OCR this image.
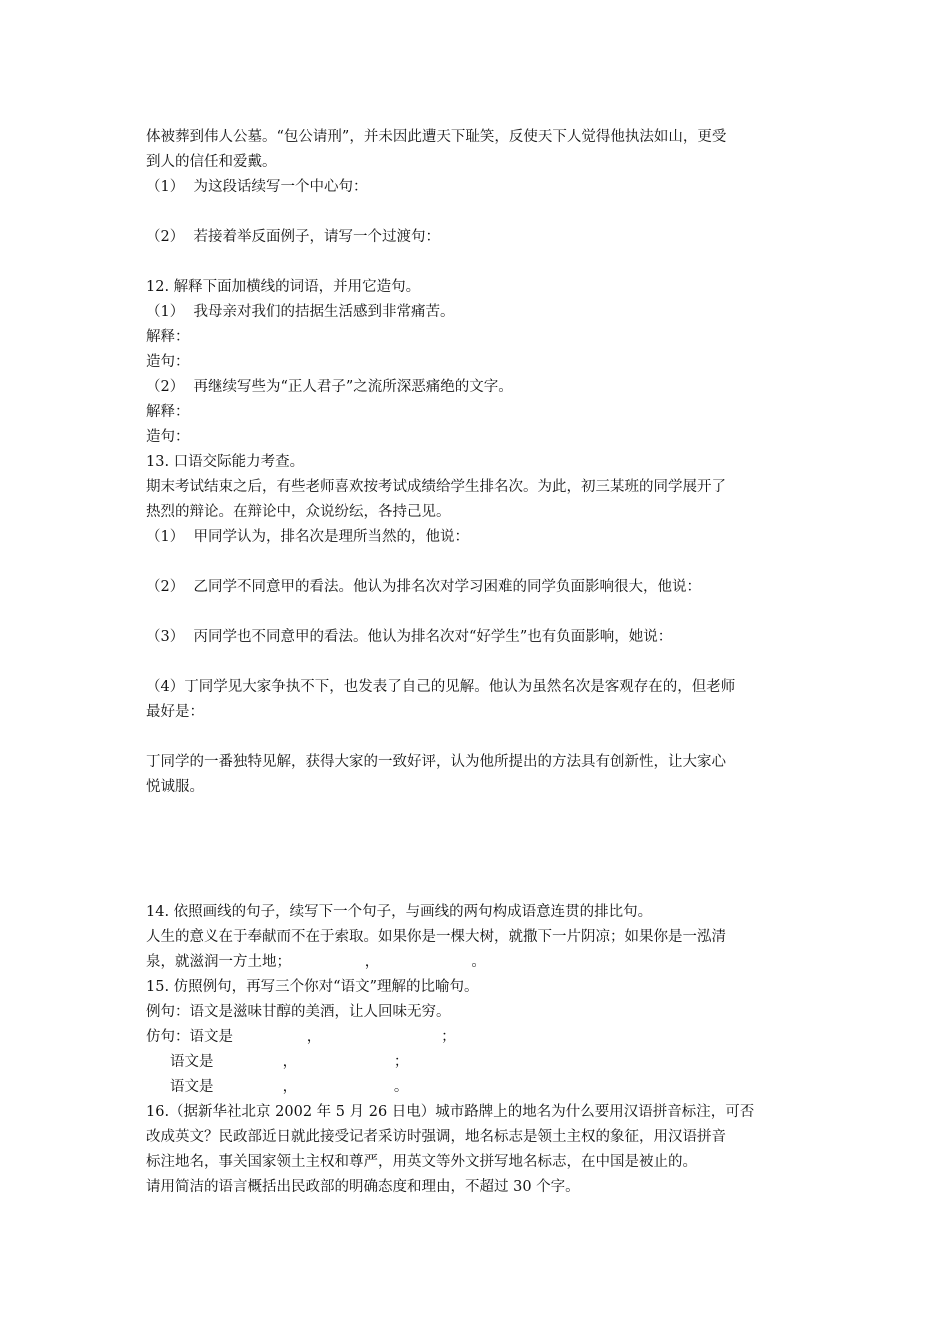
体被葬到伟人公墓。“包公请刑”，并未因此遭天下耻笑，反使天下人觉得他执法如山，更受
到人的信任和爱戴。
（1）  为这段话续写一个中心句：
（2）  若接着举反面例子，请写一个过渡句：
12. 解释下面加横线的词语，并用它造句。
（1）  我母亲对我们的拮据生活感到非常痛苦。
解释：
造句：
（2）  再继续写些为“正人君子”之流所深恶痛绝的文字。
解释：
造句：
13. 口语交际能力考查。
期末考试结束之后，有些老师喜欢按考试成绩给学生排名次。为此，初三某班的同学展开了
热烈的辩论。在辩论中，众说纷纭，各持己见。
（1）  甲同学认为，排名次是理所当然的，他说：
（2）  乙同学不同意甲的看法。他认为排名次对学习困难的同学负面影响很大，他说：
（3）  丙同学也不同意甲的看法。他认为排名次对“好学生”也有负面影响，她说：
（4）丁同学见大家争执不下，也发表了自己的见解。他认为虽然名次是客观存在的，但老师
最好是：
丁同学的一番独特见解，获得大家的一致好评，认为他所提出的方法具有创新性，让大家心
悦诚服。
14. 依照画线的句子，续写下一个句子，与画线的两句构成语意连贯的排比句。
人生的意义在于奉献而不在于索取。如果你是一棵大树，就撒下一片阴凉；如果你是一泓清
泉，就滋润一方土地；                ，                    。
15. 仿照例句，再写三个你对“语文”理解的比喻句。
例句：语文是滋味甘醇的美酒，让人回味无穷。
仿句：语文是                ，                          ；
语文是               ，                     ；
语文是               ，                     。
16.（据新华社北京 2002 年 5 月 26 日电）城市路牌上的地名为什么要用汉语拼音标注，可否
改成英文？民政部近日就此接受记者采访时强调，地名标志是领土主权的象征，用汉语拼音
标注地名，事关国家领土主权和尊严，用英文等外文拼写地名标志，在中国是被止的。
请用简洁的语言概括出民政部的明确态度和理由，不超过 30 个字。
